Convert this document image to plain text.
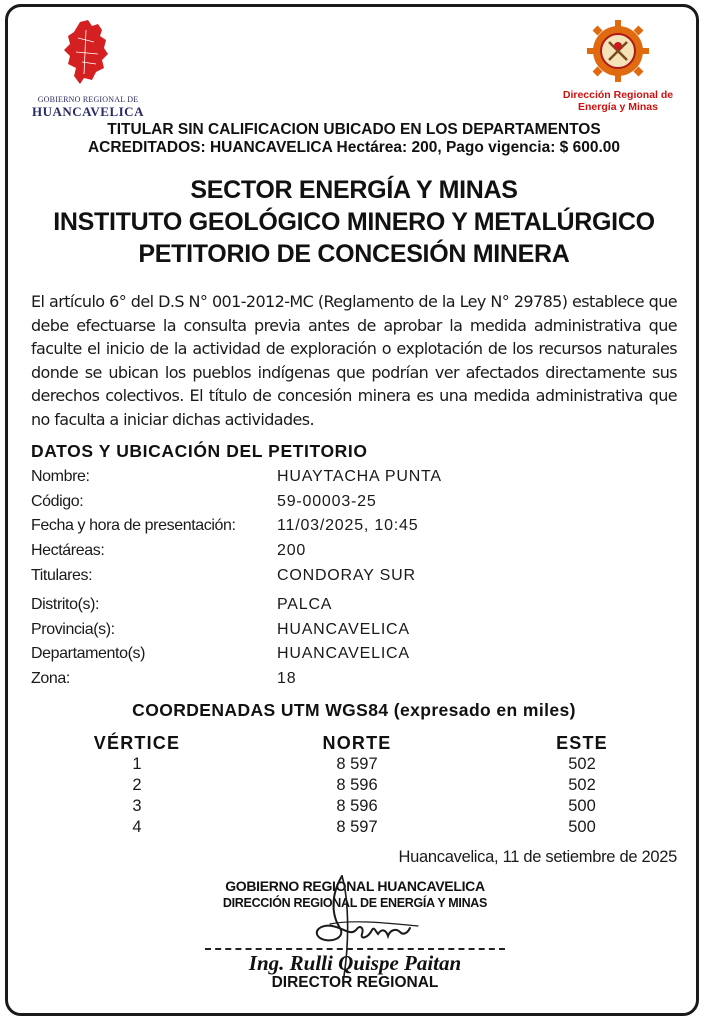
GOBIERNO REGIONAL DE
HUANCAVELICA
Dirección Regional de
Energía y Minas
TITULAR SIN CALIFICACION UBICADO EN LOS DEPARTAMENTOS
ACREDITADOS: HUANCAVELICA Hectárea: 200, Pago vigencia: $ 600.00
SECTOR ENERGÍA Y MINAS
INSTITUTO GEOLÓGICO MINERO Y METALÚRGICO
PETITORIO DE CONCESIÓN MINERA
El artículo 6° del D.S N° 001-2012-MC (Reglamento de la Ley N° 29785) establece que debe efectuarse la consulta previa antes de aprobar la medida administrativa que faculte el inicio de la actividad de exploración o explotación de los recursos naturales donde se ubican los pueblos indígenas que podrían ver afectados directamente sus derechos colectivos. El título de concesión minera es una medida administrativa que no faculta a iniciar dichas actividades.
DATOS Y UBICACIÓN DEL PETITORIO
Nombre:	HUAYTACHA PUNTA
Código:	59-00003-25
Fecha y hora de presentación:	11/03/2025, 10:45
Hectáreas:	200
Titulares:	CONDORAY SUR
Distrito(s):	PALCA
Provincia(s):	HUANCAVELICA
Departamento(s)	HUANCAVELICA
Zona:	18
COORDENADAS UTM WGS84 (expresado en miles)
VÉRTICE	NORTE	ESTE
1	8 597	502
2	8 596	502
3	8 596	500
4	8 597	500
Huancavelica, 11 de setiembre de 2025
GOBIERNO REGIONAL HUANCAVELICA
DIRECCIÓN REGIONAL DE ENERGÍA Y MINAS
Ing. Rulli Quispe Paitan
DIRECTOR REGIONAL
